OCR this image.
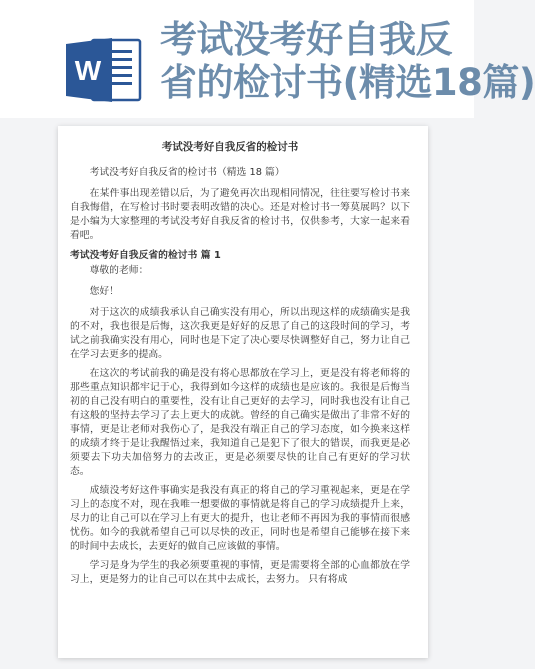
W
考试没考好自我反
省的检讨书(精选18篇)
考试没考好自我反省的检讨书
考试没考好自我反省的检讨书（精选 18 篇）
在某件事出现差错以后，为了避免再次出现相同情况，往往要写检讨书来自我悔借，在写检讨书时要表明改错的决心。还是对检讨书一筹莫展吗？以下是小编为大家整理的考试没考好自我反省的检讨书，仅供参考，大家一起来看看吧。
考试没考好自我反省的检讨书 篇 1
尊敬的老师：
您好！
对于这次的成绩我承认自己确实没有用心，所以出现这样的成绩确实是我的不对，我也很是后悔，这次我更是好好的反思了自己的这段时间的学习，考试之前我确实没有用心，同时也是下定了决心要尽快调整好自己，努力让自己在学习去更多的提高。
在这次的考试前我的确是没有将心思都放在学习上，更是没有将老师将的那些重点知识都牢记于心，我得到如今这样的成绩也是应该的。我很是后悔当初的自己没有明白的重要性，没有让自己更好的去学习，同时我也没有让自己有这般的坚持去学习了去上更大的成就。曾经的自己确实是做出了非常不好的事情，更是让老师对我伤心了，是我没有端正自己的学习态度，如今换来这样的成绩才终于是让我醒悟过来，我知道自己是犯下了很大的错误，而我更是必须要去下功夫加倍努力的去改正，更是必须要尽快的让自己有更好的学习状态。
成绩没考好这件事确实是我没有真正的将自己的学习重视起来，更是在学习上的态度不对，现在我唯一想要做的事情就是将自己的学习成绩提升上来，尽力的让自己可以在学习上有更大的提升，也让老师不再因为我的事情而很感忧伤。如今的我就希望自己可以尽快的改正，同时也是希望自己能够在接下来的时间中去成长，去更好的做自己应该做的事情。
学习是身为学生的我必须要重视的事情，更是需要将全部的心血都放在学习上，更是努力的让自己可以在其中去成长，去努力。 只有将成
